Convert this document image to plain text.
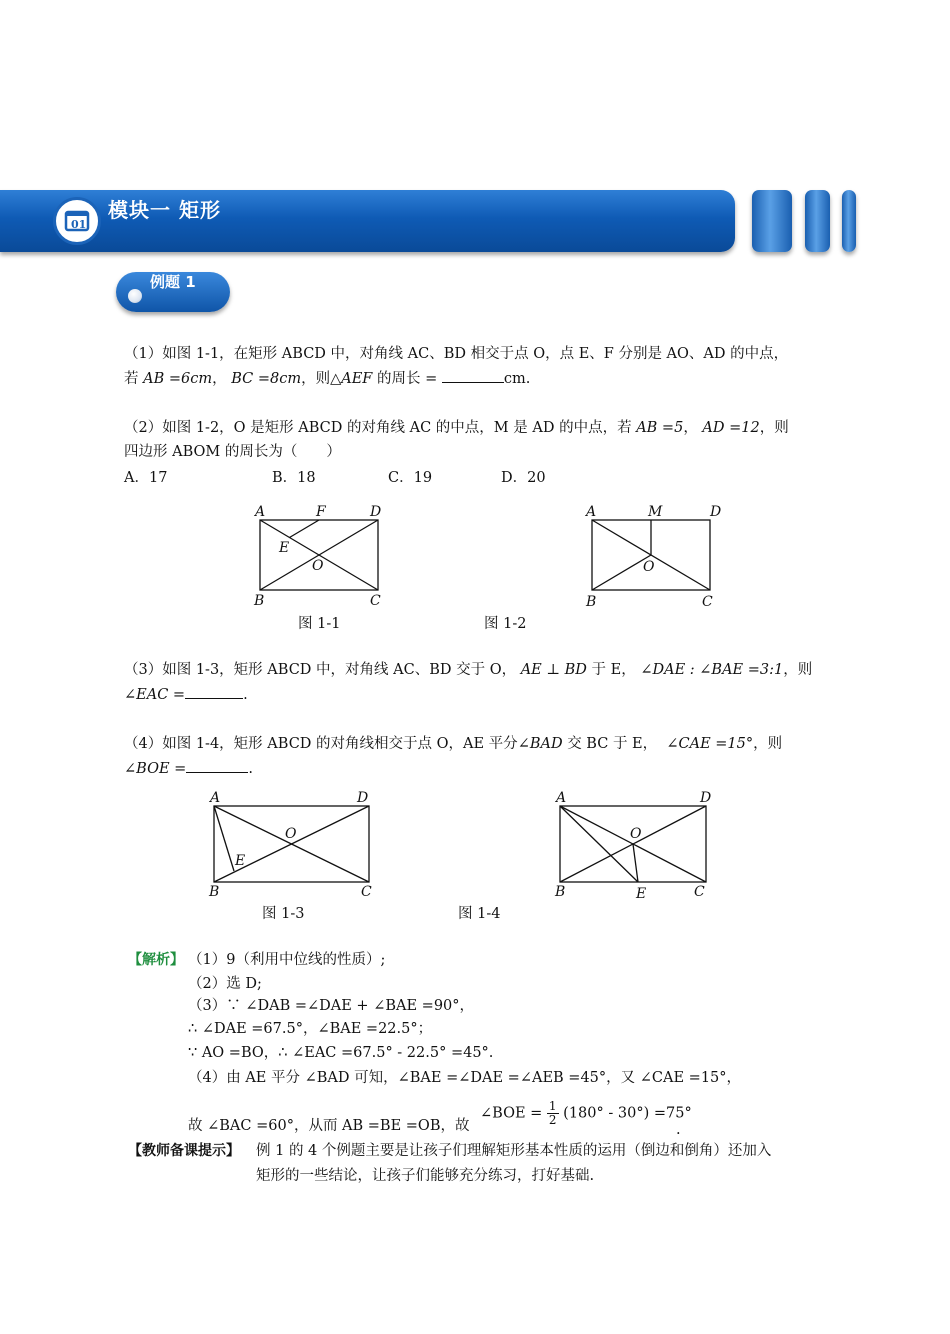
01
模块一 矩形
例题 1
（1）如图 1-1，在矩形 ABCD 中，对角线 AC、BD 相交于点 O，点 E、F 分别是 AO、AD 的中点，
若 AB =6cm， BC =8cm，则△AEF 的周长 =	cm.
（2）如图 1-2，O 是矩形 ABCD 的对角线 AC 的中点，M 是 AD 的中点，若 AB =5， AD =12，则
四边形 ABOM 的周长为（　　）
A．17	B．18	C．19	D．20
A	F	D
E
O
B	C
图 1-1
A	M	D
O
B	C
图 1-2
（3）如图 1-3，矩形 ABCD 中，对角线 AC、BD 交于 O， AE ⊥ BD 于 E， ∠DAE : ∠BAE =3:1，则
∠EAC =	.
（4）如图 1-4，矩形 ABCD 的对角线相交于点 O，AE 平分∠BAD 交 BC 于 E， ∠CAE =15°，则
∠BOE =	.
A	D
O
E
B	C
图 1-3
A	D
O
B	E	C
图 1-4
【解析】 （1）9（利用中位线的性质）;
（2）选 D;
（3）∵ ∠DAB =∠DAE + ∠BAE =90°，
∴ ∠DAE =67.5°，∠BAE =22.5°；
∵ AO =BO，∴ ∠EAC =67.5° - 22.5° =45°.
（4）由 AE 平分 ∠BAD 可知，∠BAE =∠DAE =∠AEB =45°，又 ∠CAE =15°，
故 ∠BAC =60°，从而 AB =BE =OB，故
∠BOE = $\frac{1}{2} (180^\circ - 30^\circ) =75^\circ$
.
【教师备课提示】 例 1 的 4 个例题主要是让孩子们理解矩形基本性质的运用（倒边和倒角）还加入
矩形的一些结论，让孩子们能够充分练习，打好基础.
